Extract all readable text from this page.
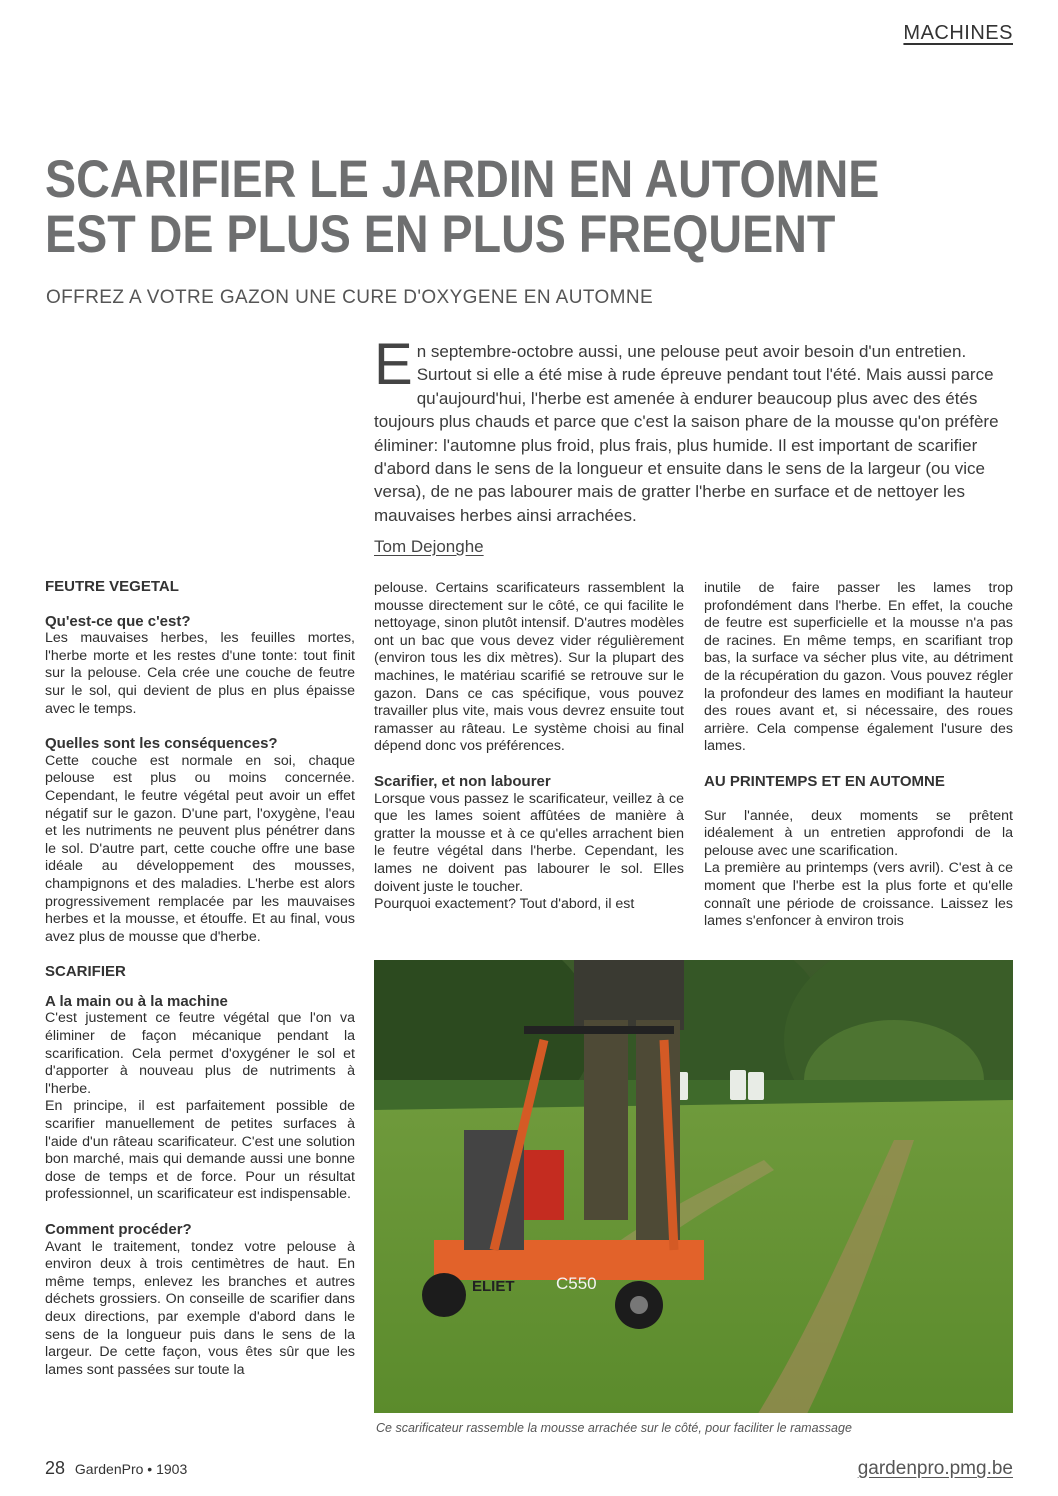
MACHINES
SCARIFIER LE JARDIN EN AUTOMNE
EST DE PLUS EN PLUS FREQUENT
OFFREZ A VOTRE GAZON UNE CURE D'OXYGENE EN AUTOMNE
En septembre-octobre aussi, une pelouse peut avoir besoin d'un entretien. Surtout si elle a été mise à rude épreuve pendant tout l'été. Mais aussi parce qu'aujourd'hui, l'herbe est amenée à endurer beaucoup plus avec des étés toujours plus chauds et parce que c'est la saison phare de la mousse qu'on préfère éliminer: l'automne plus froid, plus frais, plus humide. Il est important de scarifier d'abord dans le sens de la longueur et ensuite dans le sens de la largeur (ou vice versa), de ne pas labourer mais de gratter l'herbe en surface et de nettoyer les mauvaises herbes ainsi arrachées.
Tom Dejonghe

FEUTRE VEGETAL

Qu'est-ce que c'est?

Les mauvaises herbes, les feuilles mortes, l'herbe morte et les restes d'une tonte: tout finit sur la pelouse. Cela crée une couche de feutre sur le sol, qui devient de plus en plus épaisse avec le temps.

Quelles sont les conséquences?

Cette couche est normale en soi, chaque pelouse est plus ou moins concernée. Cependant, le feutre végétal peut avoir un effet négatif sur le gazon. D'une part, l'oxygène, l'eau et les nutriments ne peuvent plus pénétrer dans le sol. D'autre part, cette couche offre une base idéale au développement des mousses, champignons et des maladies. L'herbe est alors progressivement remplacée par les mauvaises herbes et la mousse, et étouffe. Et au final, vous avez plus de mousse que d'herbe.

SCARIFIER

A la main ou à la machine

C'est justement ce feutre végétal que l'on va éliminer de façon mécanique pendant la scarification. Cela permet d'oxygéner le sol et d'apporter à nouveau plus de nutriments à l'herbe.

En principe, il est parfaitement possible de scarifier manuellement de petites surfaces à l'aide d'un râteau scarificateur. C'est une solution bon marché, mais qui demande aussi une bonne dose de temps et de force. Pour un résultat professionnel, un scarificateur est indispensable.

Comment procéder?

Avant le traitement, tondez votre pelouse à environ deux à trois centimètres de haut. En même temps, enlevez les branches et autres déchets grossiers. On conseille de scarifier dans deux directions, par exemple d'abord dans le sens de la longueur puis dans le sens de la largeur. De cette façon, vous êtes sûr que les lames sont passées sur toute la

pelouse. Certains scarificateurs rassemblent la mousse directement sur le côté, ce qui facilite le nettoyage, sinon plutôt intensif. D'autres modèles ont un bac que vous devez vider régulièrement (environ tous les dix mètres). Sur la plupart des machines, le matériau scarifié se retrouve sur le gazon. Dans ce cas spécifique, vous pouvez travailler plus vite, mais vous devrez ensuite tout ramasser au râteau. Le système choisi au final dépend donc vos préférences.

Scarifier, et non labourer

Lorsque vous passez le scarificateur, veillez à ce que les lames soient affûtées de manière à gratter la mousse et à ce qu'elles arrachent bien le feutre végétal dans l'herbe. Cependant, les lames ne doivent pas labourer le sol. Elles doivent juste le toucher.

Pourquoi exactement? Tout d'abord, il est

inutile de faire passer les lames trop profondément dans l'herbe. En effet, la couche de feutre est superficielle et la mousse n'a pas de racines. En même temps, en scarifiant trop bas, la surface va sécher plus vite, au détriment de la récupération du gazon. Vous pouvez régler la profondeur des lames en modifiant la hauteur des roues avant et, si nécessaire, des roues arrière. Cela compense également l'usure des lames.

AU PRINTEMPS ET EN AUTOMNE

Sur l'année, deux moments se prêtent idéalement à un entretien approfondi de la pelouse avec une scarification.

La première au printemps (vers avril). C'est à ce moment que l'herbe est la plus forte et qu'elle connaît une période de croissance. Laissez les lames s'enfoncer à environ trois

ELIET C550
Ce scarificateur rassemble la mousse arrachée sur le côté, pour faciliter le ramassage
28 GardenPro • 1903	gardenpro.pmg.be
